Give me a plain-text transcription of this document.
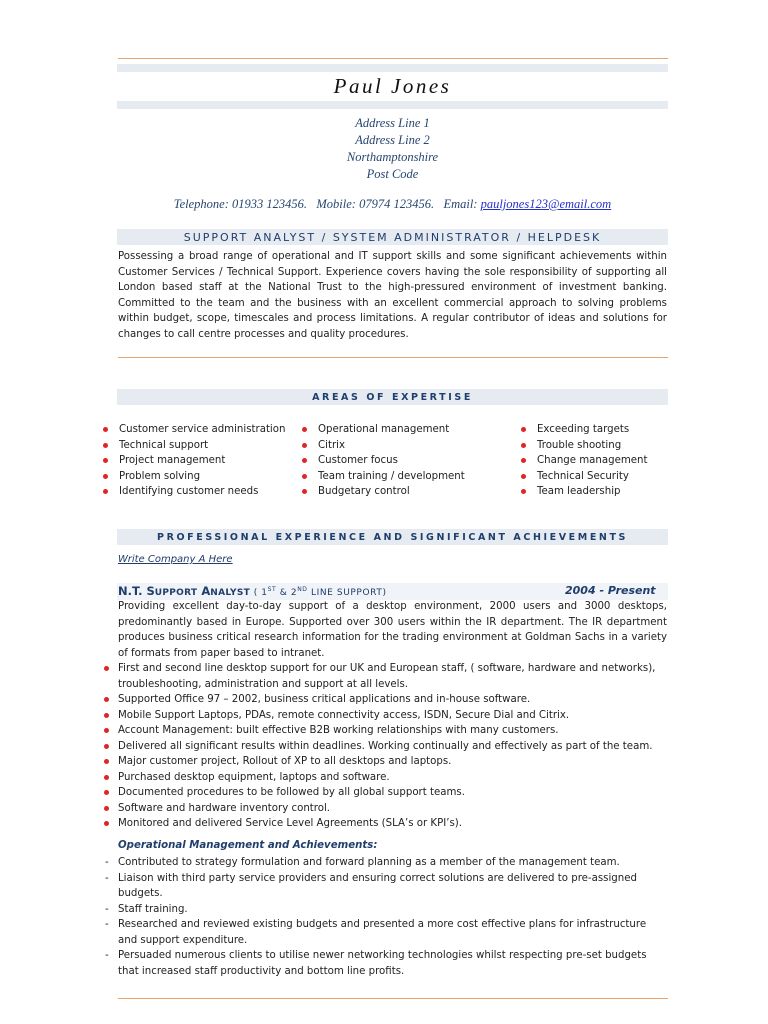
Paul Jones
Address Line 1
Address Line 2
Northamptonshire
Post Code
Telephone: 01933 123456. Mobile: 07974 123456. Email: pauljones123@email.com
SUPPORT ANALYST / SYSTEM ADMINISTRATOR / HELPDESK
Possessing a broad range of operational and IT support skills and some significant achievements within Customer Services / Technical Support. Experience covers having the sole responsibility of supporting all London based staff at the National Trust to the high-pressured environment of investment banking. Committed to the team and the business with an excellent commercial approach to solving problems within budget, scope, timescales and process limitations. A regular contributor of ideas and solutions for changes to call centre processes and quality procedures.
AREAS OF EXPERTISE
Customer service administration
Technical support
Project management
Problem solving
Identifying customer needs
Operational management
Citrix
Customer focus
Team training / development
Budgetary control
Exceeding targets
Trouble shooting
Change management
Technical Security
Team leadership
PROFESSIONAL EXPERIENCE AND SIGNIFICANT ACHIEVEMENTS
Write Company A Here
N.T. SUPPORT ANALYST ( 1ST & 2ND LINE SUPPORT)	2004 - Present
Providing excellent day-to-day support of a desktop environment, 2000 users and 3000 desktops, predominantly based in Europe. Supported over 300 users within the IR department. The IR department produces business critical research information for the trading environment at Goldman Sachs in a variety of formats from paper based to intranet.
First and second line desktop support for our UK and European staff, ( software, hardware and networks), troubleshooting, administration and support at all levels.
Supported Office 97 – 2002, business critical applications and in-house software.
Mobile Support Laptops, PDAs, remote connectivity access, ISDN, Secure Dial and Citrix.
Account Management: built effective B2B working relationships with many customers.
Delivered all significant results within deadlines. Working continually and effectively as part of the team.
Major customer project, Rollout of XP to all desktops and laptops.
Purchased desktop equipment, laptops and software.
Documented procedures to be followed by all global support teams.
Software and hardware inventory control.
Monitored and delivered Service Level Agreements (SLA’s or KPI’s).
Operational Management and Achievements:
- Contributed to strategy formulation and forward planning as a member of the management team.
- Liaison with third party service providers and ensuring correct solutions are delivered to pre-assigned budgets.
- Staff training.
- Researched and reviewed existing budgets and presented a more cost effective plans for infrastructure and support expenditure.
- Persuaded numerous clients to utilise newer networking technologies whilst respecting pre-set budgets that increased staff productivity and bottom line profits.
